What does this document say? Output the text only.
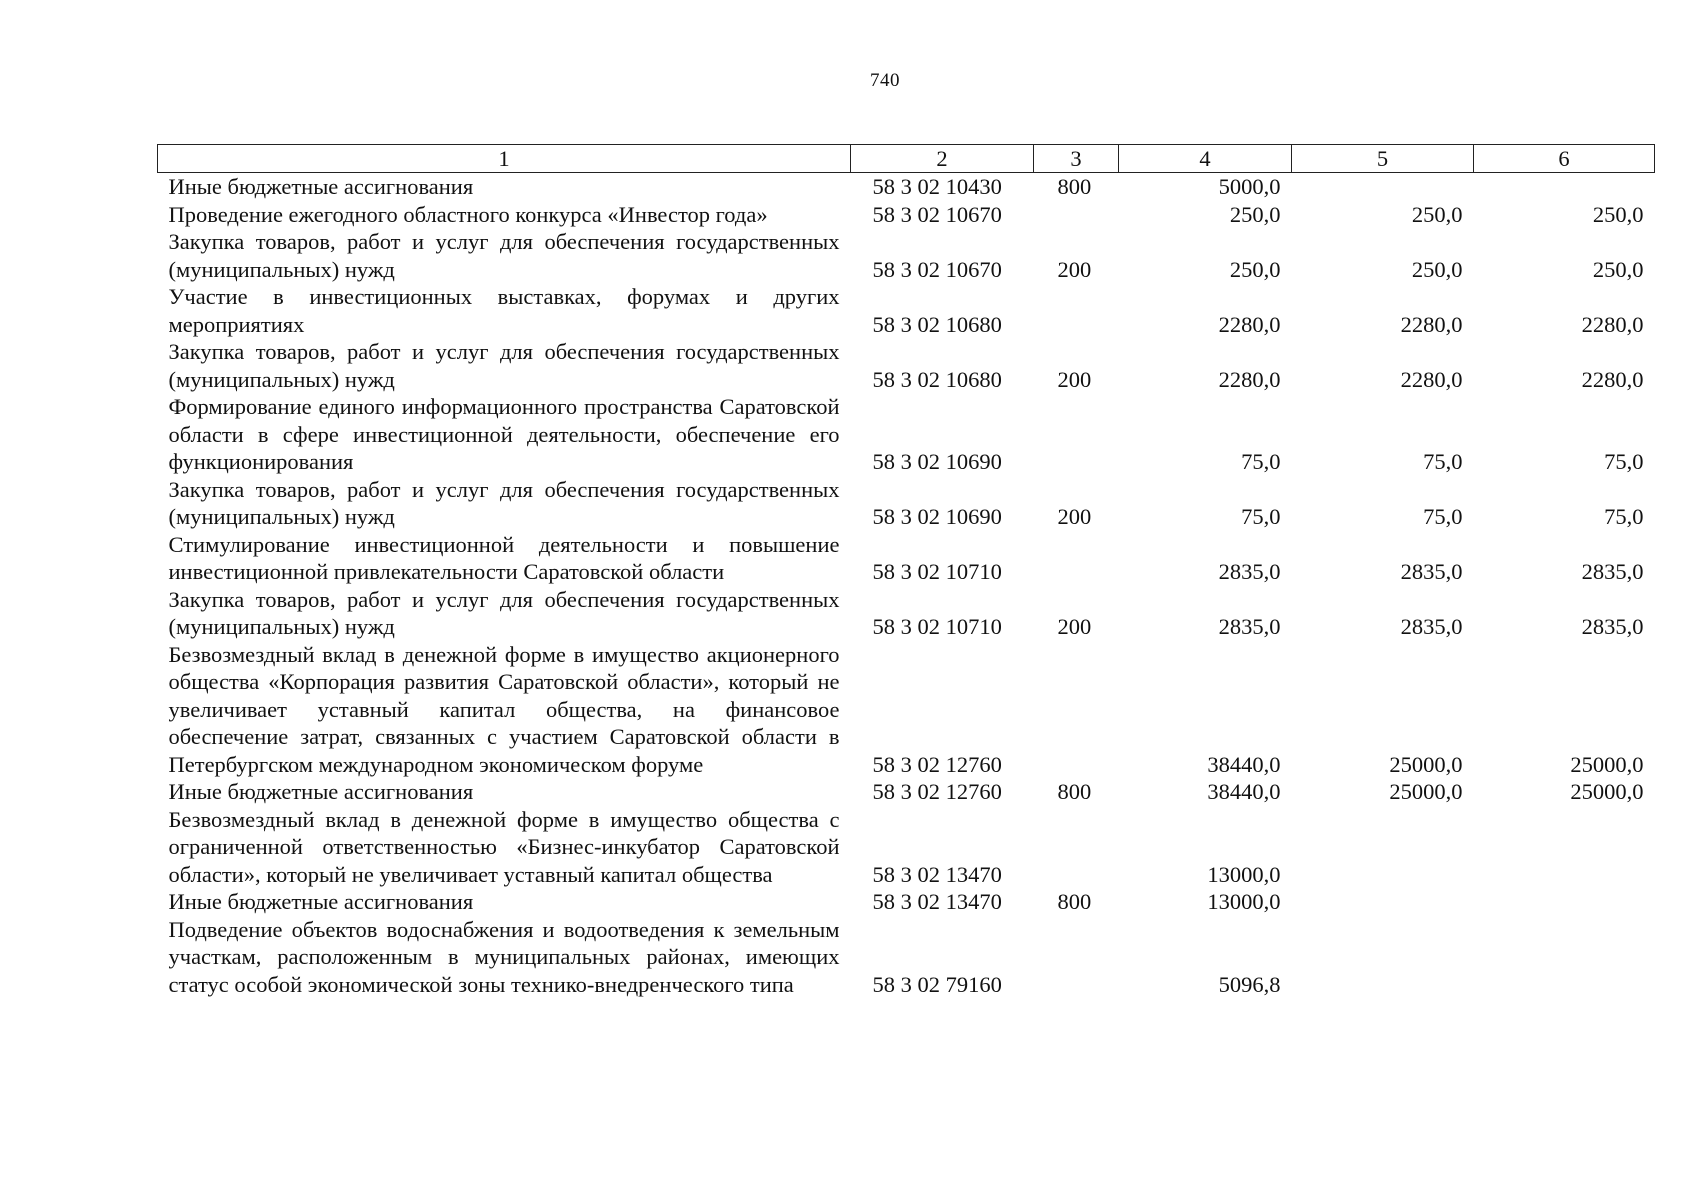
740
1	2	3	4	5	6
Иные бюджетные ассигнования	58 3 02 10430	800	5000,0		
Проведение ежегодного областного конкурса «Инвестор года»	58 3 02 10670		250,0	250,0	250,0
Закупка товаров, работ и услуг для обеспечения государственных (муниципальных) нужд	58 3 02 10670	200	250,0	250,0	250,0
Участие в инвестиционных выставках, форумах и других мероприятиях	58 3 02 10680		2280,0	2280,0	2280,0
Закупка товаров, работ и услуг для обеспечения государственных (муниципальных) нужд	58 3 02 10680	200	2280,0	2280,0	2280,0
Формирование единого информационного пространства Саратовской области в сфере инвестиционной деятельности, обеспечение его функционирования	58 3 02 10690		75,0	75,0	75,0
Закупка товаров, работ и услуг для обеспечения государственных (муниципальных) нужд	58 3 02 10690	200	75,0	75,0	75,0
Стимулирование инвестиционной деятельности и повышение инвестиционной привлекательности Саратовской области	58 3 02 10710		2835,0	2835,0	2835,0
Закупка товаров, работ и услуг для обеспечения государственных (муниципальных) нужд	58 3 02 10710	200	2835,0	2835,0	2835,0
Безвозмездный вклад в денежной форме в имущество акционерного общества «Корпорация развития Саратовской области», который не увеличивает уставный капитал общества, на финансовое обеспечение затрат, связанных с участием Саратовской области в Петербургском международном экономическом форуме	58 3 02 12760		38440,0	25000,0	25000,0
Иные бюджетные ассигнования	58 3 02 12760	800	38440,0	25000,0	25000,0
Безвозмездный вклад в денежной форме в имущество общества с ограниченной ответственностью «Бизнес-инкубатор Саратовской области», который не увеличивает уставный капитал общества	58 3 02 13470		13000,0		
Иные бюджетные ассигнования	58 3 02 13470	800	13000,0		
Подведение объектов водоснабжения и водоотведения к земельным участкам, расположенным в муниципальных районах, имеющих статус особой экономической зоны технико-внедренческого типа	58 3 02 79160		5096,8		
